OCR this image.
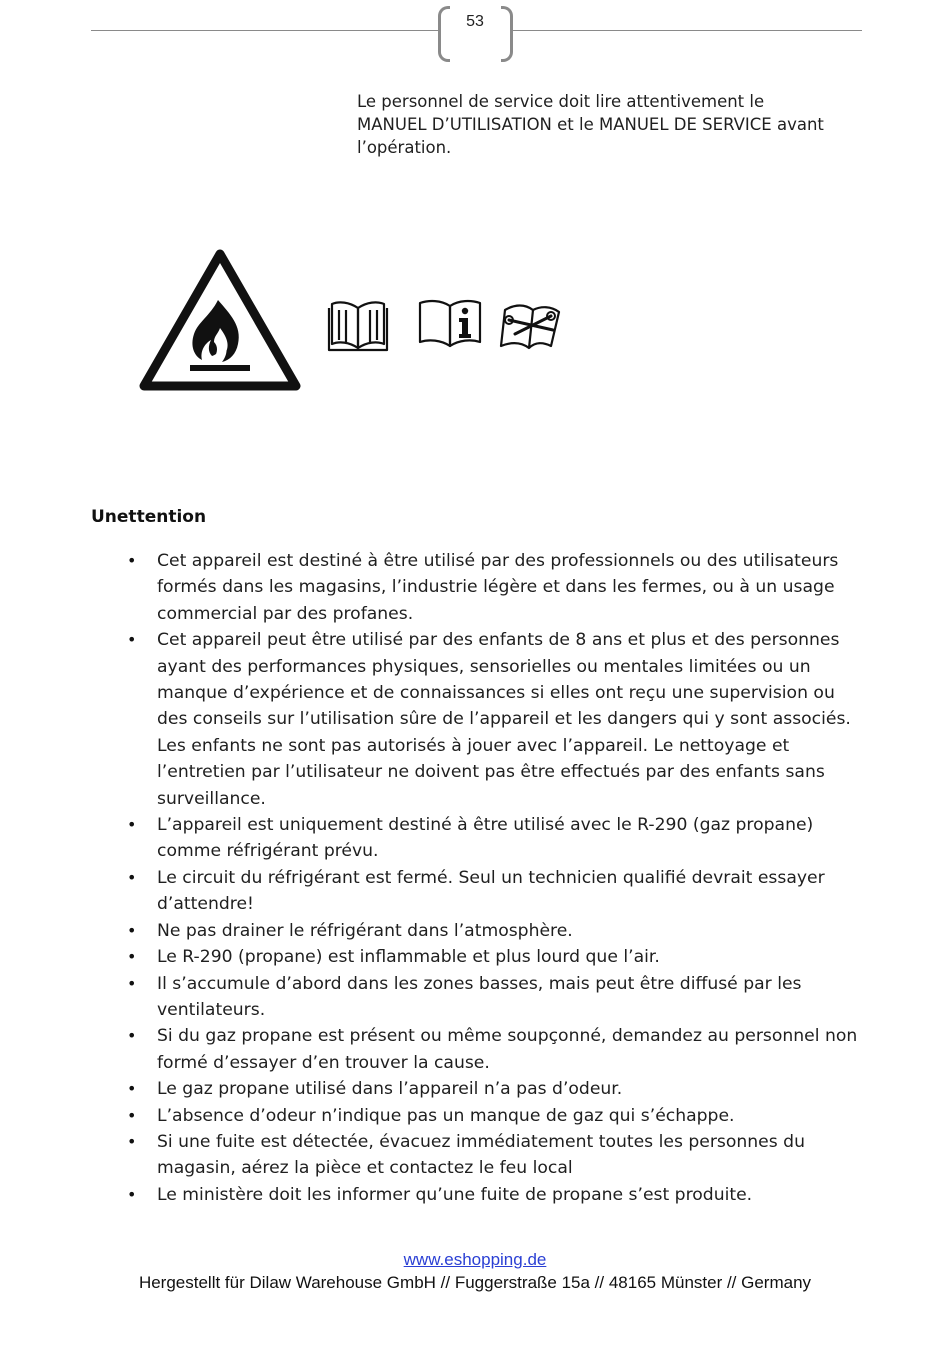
53
Le personnel de service doit lire attentivement le MANUEL D’UTILISATION et le MANUEL DE SERVICE avant l’opération.
Unettention
• Cet appareil est destiné à être utilisé par des professionnels ou des utilisateurs formés dans les magasins, l’industrie légère et dans les fermes, ou à un usage commercial par des profanes.
• Cet appareil peut être utilisé par des enfants de 8 ans et plus et des personnes ayant des performances physiques, sensorielles ou mentales limitées ou un manque d’expérience et de connaissances si elles ont reçu une supervision ou des conseils sur l’utilisation sûre de l’appareil et les dangers qui y sont associés. Les enfants ne sont pas autorisés à jouer avec l’appareil. Le nettoyage et l’entretien par l’utilisateur ne doivent pas être effectués par des enfants sans surveillance.
• L’appareil est uniquement destiné à être utilisé avec le R-290 (gaz propane) comme réfrigérant prévu.
• Le circuit du réfrigérant est fermé. Seul un technicien qualifié devrait essayer d’attendre!
• Ne pas drainer le réfrigérant dans l’atmosphère.
• Le R-290 (propane) est inflammable et plus lourd que l’air.
• Il s’accumule d’abord dans les zones basses, mais peut être diffusé par les ventilateurs.
• Si du gaz propane est présent ou même soupçonné, demandez au personnel non formé d’essayer d’en trouver la cause.
• Le gaz propane utilisé dans l’appareil n’a pas d’odeur.
• L’absence d’odeur n’indique pas un manque de gaz qui s’échappe.
• Si une fuite est détectée, évacuez immédiatement toutes les personnes du magasin, aérez la pièce et contactez le feu local
• Le ministère doit les informer qu’une fuite de propane s’est produite.
www.eshopping.de
Hergestellt für Dilaw Warehouse GmbH // Fuggerstraße 15a // 48165 Münster // Germany
